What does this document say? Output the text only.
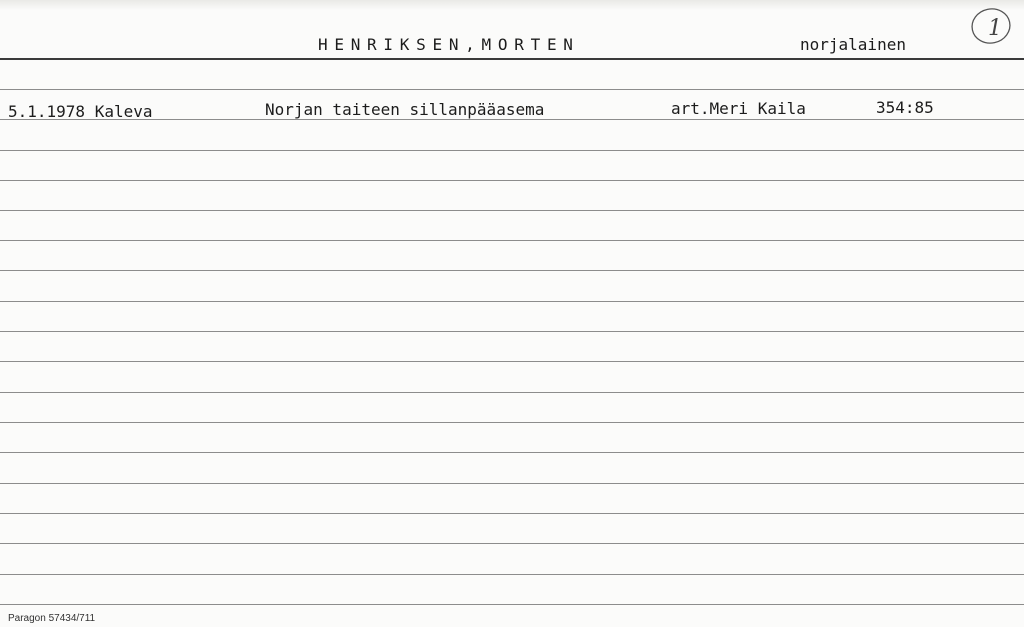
HENRIKSEN,MORTEN	norjalainen
1
5.1.1978 Kaleva	Norjan taiteen sillanpääasema	art.Meri Kaila	354:85
Paragon 57434/711
